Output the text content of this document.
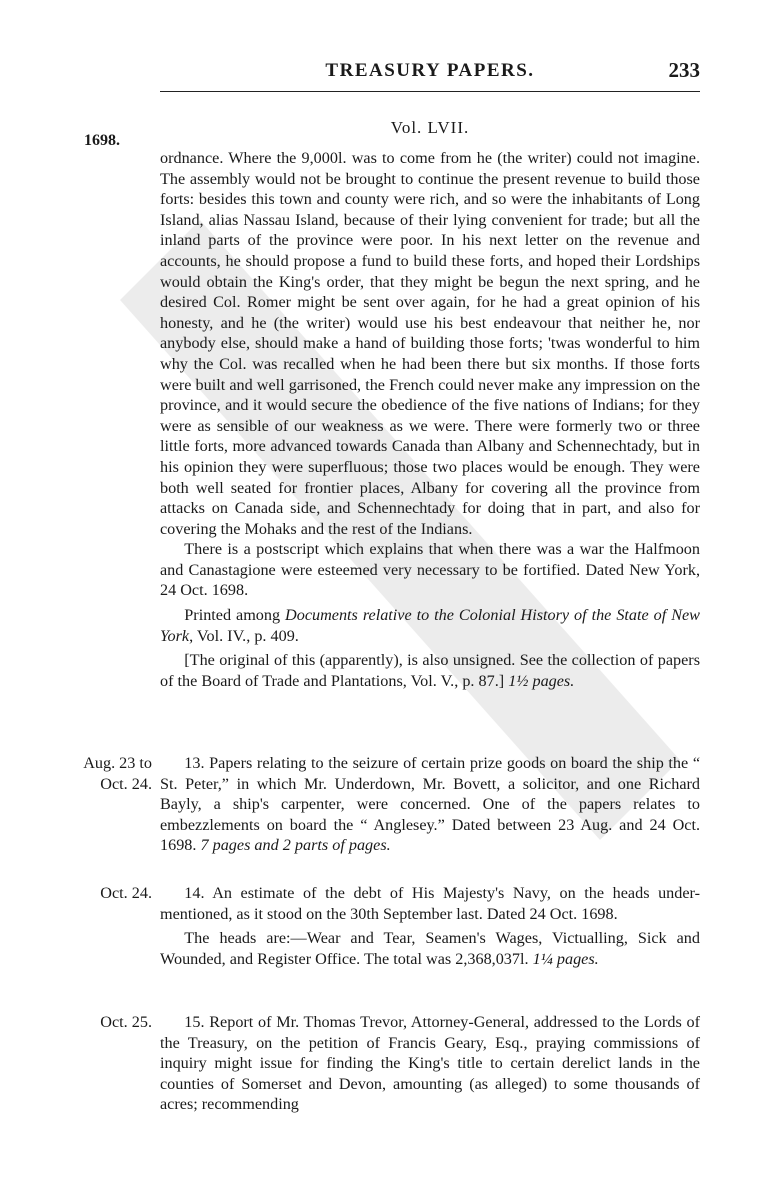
TREASURY PAPERS.	233
1698.
Vol. LVII.

ordnance. Where the 9,000l. was to come from he (the writer) could not imagine. The assembly would not be brought to continue the present revenue to build those forts: besides this town and county were rich, and so were the inhabitants of Long Island, alias Nassau Island, because of their lying convenient for trade; but all the inland parts of the province were poor. In his next letter on the revenue and accounts, he should propose a fund to build these forts, and hoped their Lordships would obtain the King's order, that they might be begun the next spring, and he desired Col. Romer might be sent over again, for he had a great opinion of his honesty, and he (the writer) would use his best endeavour that neither he, nor anybody else, should make a hand of building those forts; 'twas wonderful to him why the Col. was recalled when he had been there but six months. If those forts were built and well garrisoned, the French could never make any impression on the province, and it would secure the obedience of the five nations of Indians; for they were as sensible of our weakness as we were. There were formerly two or three little forts, more advanced towards Canada than Albany and Schennechtady, but in his opinion they were superfluous; those two places would be enough. They were both well seated for frontier places, Albany for covering all the province from attacks on Canada side, and Schennechtady for doing that in part, and also for covering the Mohaks and the rest of the Indians.

There is a postscript which explains that when there was a war the Halfmoon and Canastagione were esteemed very necessary to be fortified. Dated New York, 24 Oct. 1698.

Printed among Documents relative to the Colonial History of the State of New York, Vol. IV., p. 409.

[The original of this (apparently), is also unsigned. See the collection of papers of the Board of Trade and Plantations, Vol. V., p. 87.] 1½ pages.

Aug. 23 to
Oct. 24.

13. Papers relating to the seizure of certain prize goods on board the ship the “ St. Peter,” in which Mr. Underdown, Mr. Bovett, a solicitor, and one Richard Bayly, a ship's carpenter, were concerned. One of the papers relates to embezzlements on board the “ Anglesey.” Dated between 23 Aug. and 24 Oct. 1698. 7 pages and 2 parts of pages.

Oct. 24.	14. An estimate of the debt of His Majesty's Navy, on the heads under-mentioned, as it stood on the 30th September last. Dated 24 Oct. 1698.

The heads are:—Wear and Tear, Seamen's Wages, Victualling, Sick and Wounded, and Register Office. The total was 2,368,037l. 1¼ pages.

Oct. 25.	15. Report of Mr. Thomas Trevor, Attorney-General, addressed to the Lords of the Treasury, on the petition of Francis Geary, Esq., praying commissions of inquiry might issue for finding the King's title to certain derelict lands in the counties of Somerset and Devon, amounting (as alleged) to some thousands of acres; recommending
